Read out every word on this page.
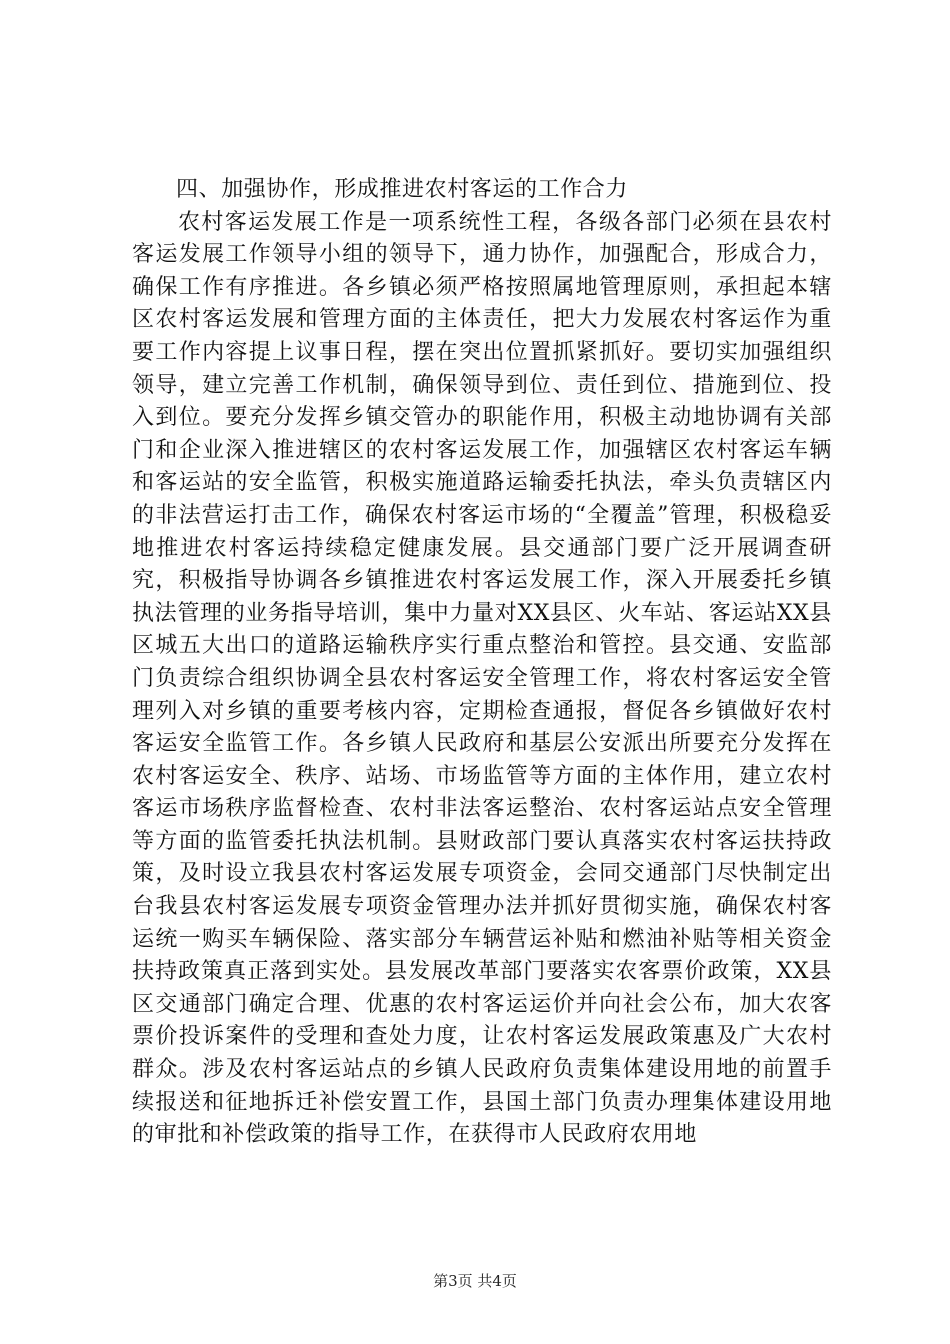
四、加强协作，形成推进农村客运的工作合力

农村客运发展工作是一项系统性工程，各级各部门必须在县农村客运发展工作领导小组的领导下，通力协作，加强配合，形成合力，确保工作有序推进。各乡镇必须严格按照属地管理原则，承担起本辖区农村客运发展和管理方面的主体责任，把大力发展农村客运作为重要工作内容提上议事日程，摆在突出位置抓紧抓好。要切实加强组织领导，建立完善工作机制，确保领导到位、责任到位、措施到位、投入到位。要充分发挥乡镇交管办的职能作用，积极主动地协调有关部门和企业深入推进辖区的农村客运发展工作，加强辖区农村客运车辆和客运站的安全监管，积极实施道路运输委托执法，牵头负责辖区内的非法营运打击工作，确保农村客运市场的“全覆盖”管理，积极稳妥地推进农村客运持续稳定健康发展。县交通部门要广泛开展调查研究，积极指导协调各乡镇推进农村客运发展工作，深入开展委托乡镇执法管理的业务指导培训，集中力量对XX县区、火车站、客运站XX县区城五大出口的道路运输秩序实行重点整治和管控。县交通、安监部门负责综合组织协调全县农村客运安全管理工作，将农村客运安全管理列入对乡镇的重要考核内容，定期检查通报，督促各乡镇做好农村客运安全监管工作。各乡镇人民政府和基层公安派出所要充分发挥在农村客运安全、秩序、站场、市场监管等方面的主体作用，建立农村客运市场秩序监督检查、农村非法客运整治、农村客运站点安全管理等方面的监管委托执法机制。县财政部门要认真落实农村客运扶持政策，及时设立我县农村客运发展专项资金，会同交通部门尽快制定出台我县农村客运发展专项资金管理办法并抓好贯彻实施，确保农村客运统一购买车辆保险、落实部分车辆营运补贴和燃油补贴等相关资金扶持政策真正落到实处。县发展改革部门要落实农客票价政策，XX县区交通部门确定合理、优惠的农村客运运价并向社会公布，加大农客票价投诉案件的受理和查处力度，让农村客运发展政策惠及广大农村群众。涉及农村客运站点的乡镇人民政府负责集体建设用地的前置手续报送和征地拆迁补偿安置工作，县国土部门负责办理集体建设用地的审批和补偿政策的指导工作，在获得市人民政府农用地

第3页 共4页
